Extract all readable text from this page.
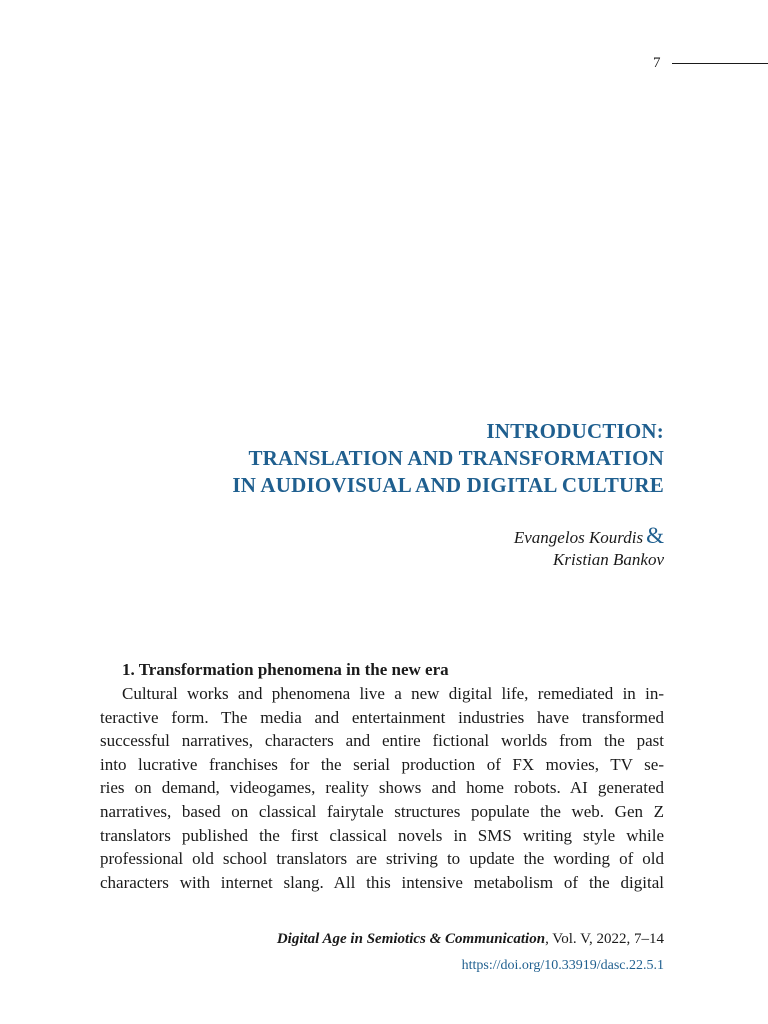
7
INTRODUCTION:
TRANSLATION AND TRANSFORMATION
IN AUDIOVISUAL AND DIGITAL CULTURE
Evangelos Kourdis &
Kristian Bankov
1. Transformation phenomena in the new era
Cultural works and phenomena live a new digital life, remediated in in-
teractive form. The media and entertainment industries have transformed
successful narratives, characters and entire fictional worlds from the past
into lucrative franchises for the serial production of FX movies, TV se-
ries on demand, videogames, reality shows and home robots. AI generated
narratives, based on classical fairytale structures populate the web. Gen Z
translators published the first classical novels in SMS writing style while
professional old school translators are striving to update the wording of old
characters with internet slang. All this intensive metabolism of the digital
Digital Age in Semiotics & Communication, Vol. V, 2022, 7–14
https://doi.org/10.33919/dasc.22.5.1
